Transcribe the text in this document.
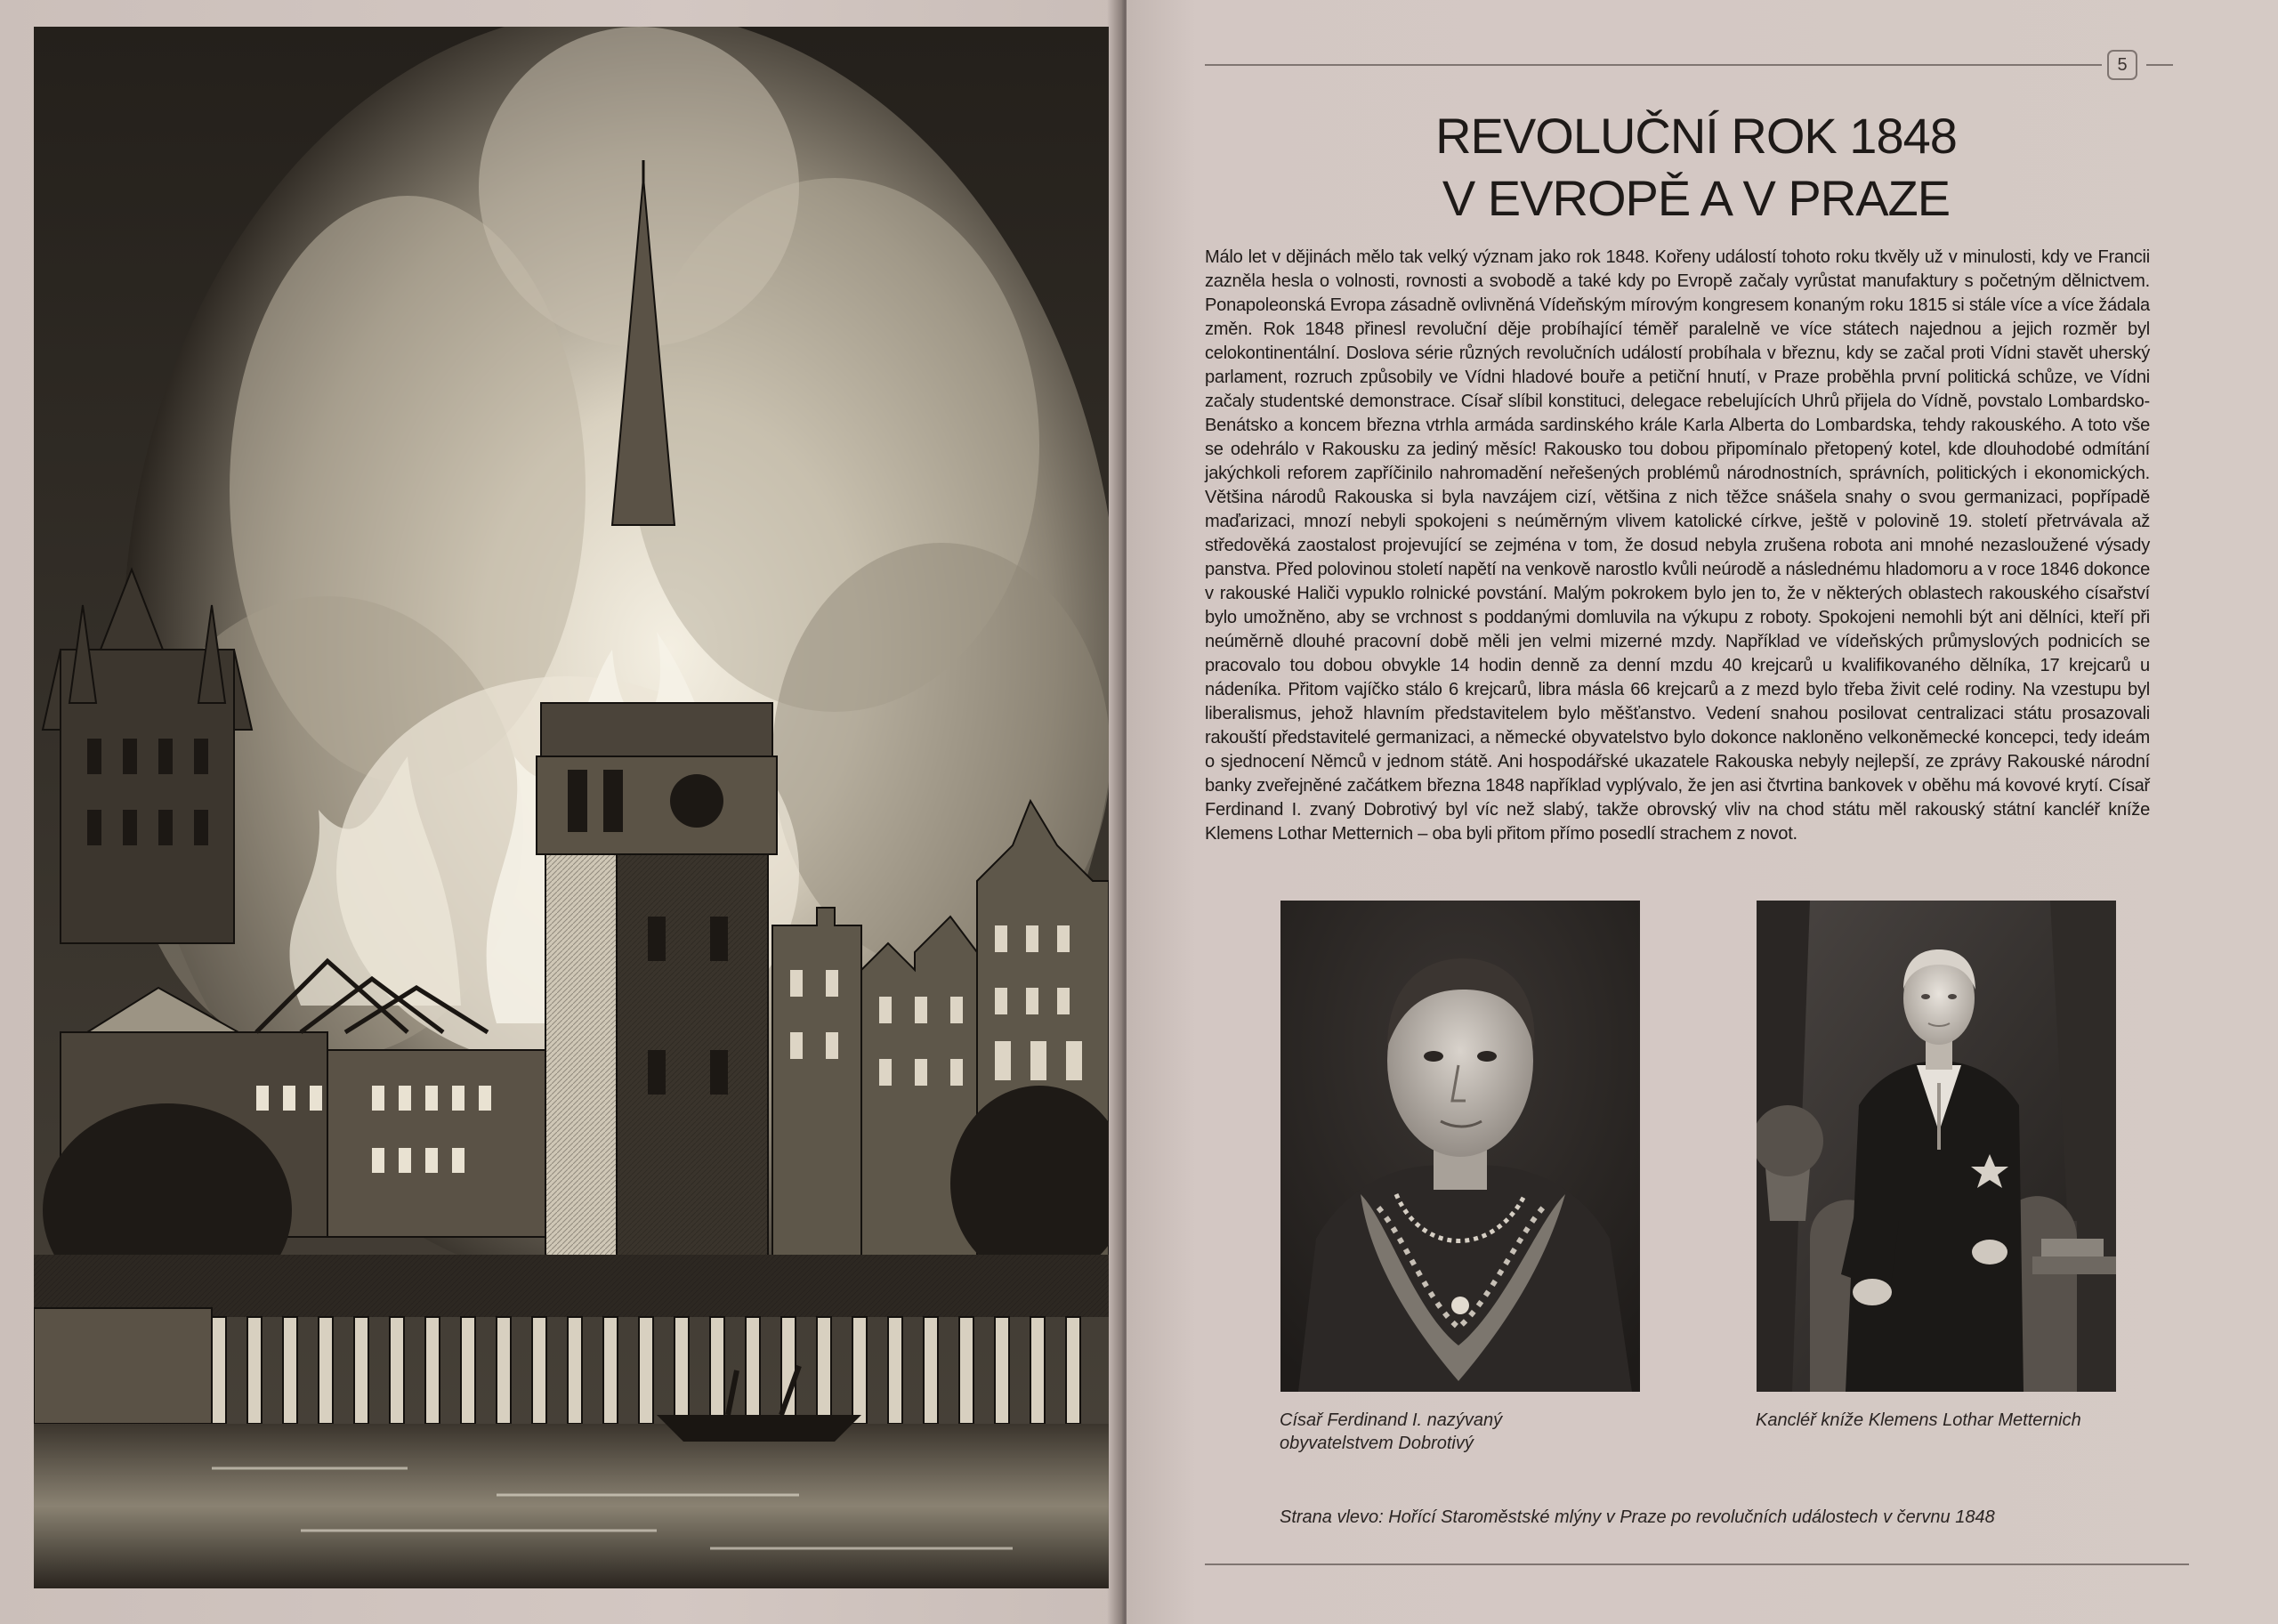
5
REVOLUČNÍ ROK 1848
V EVROPĚ A V PRAZE

Málo let v dějinách mělo tak velký význam jako rok 1848. Kořeny událostí tohoto roku tkvěly už v minulosti, kdy ve Francii zazněla hesla o volnosti, rovnosti a svobodě a také kdy po Evropě začaly vyrůstat manufaktury s početným dělnictvem. Ponapoleonská Evropa zásadně ovlivněná Vídeňským mírovým kongresem konaným roku 1815 si stále více a více žádala změn. Rok 1848 přinesl revoluční děje probíhající téměř paralelně ve více státech najednou a jejich rozměr byl celokontinentální. Doslova série různých revolučních událostí probíhala v březnu, kdy se začal proti Vídni stavět uherský parlament, rozruch způsobily ve Vídni hladové bouře a petiční hnutí, v Praze proběhla první politická schůze, ve Vídni začaly studentské demonstrace. Císař slíbil konstituci, delegace rebelujících Uhrů přijela do Vídně, povstalo Lombardsko-Benátsko a koncem března vtrhla armáda sardinského krále Karla Alberta do Lombardska, tehdy rakouského. A toto vše se odehrálo v Rakousku za jediný měsíc! Rakousko tou dobou připomínalo přetopený kotel, kde dlouhodobé odmítání jakýchkoli reforem zapříčinilo nahromadění neřešených problémů národnostních, správních, politických i ekonomických. Většina národů Rakouska si byla navzájem cizí, většina z nich těžce snášela snahy o svou germanizaci, popřípadě maďarizaci, mnozí nebyli spokojeni s neúměrným vlivem katolické církve, ještě v polovině 19. století přetrvávala až středověká zaostalost projevující se zejména v tom, že dosud nebyla zrušena robota ani mnohé nezasloužené výsady panstva. Před polovinou století napětí na venkově narostlo kvůli neúrodě a následnému hladomoru a v roce 1846 dokonce v rakouské Haliči vypuklo rolnické povstání. Malým pokrokem bylo jen to, že v některých oblastech rakouského císařství bylo umožněno, aby se vrchnost s poddanými domluvila na výkupu z roboty. Spokojeni nemohli být ani dělníci, kteří při neúměrně dlouhé pracovní době měli jen velmi mizerné mzdy. Například ve vídeňských průmyslových podnicích se pracovalo tou dobou obvykle 14 hodin denně za denní mzdu 40 krejcarů u kvalifikovaného dělníka, 17 krejcarů u nádeníka. Přitom vajíčko stálo 6 krejcarů, libra másla 66 krejcarů a z mezd bylo třeba živit celé rodiny. Na vzestupu byl liberalismus, jehož hlavním představitelem bylo měšťanstvo. Vedení snahou posilovat centralizaci státu prosazovali rakouští představitelé germanizaci, a německé obyvatelstvo bylo dokonce nakloněno velkoněmecké koncepci, tedy ideám o sjednocení Němců v jednom státě. Ani hospodářské ukazatele Rakouska nebyly nejlepší, ze zprávy Rakouské národní banky zveřejněné začátkem března 1848 například vyplývalo, že jen asi čtvrtina bankovek v oběhu má kovové krytí. Císař Ferdinand I. zvaný Dobrotivý byl víc než slabý, takže obrovský vliv na chod státu měl rakouský státní kancléř kníže Klemens Lothar Metternich – oba byli přitom přímo posedlí strachem z novot.

Císař Ferdinand I. nazývaný obyvatelstvem Dobrotivý
Kancléř kníže Klemens Lothar Metternich
Strana vlevo: Hořící Staroměstské mlýny v Praze po revolučních událostech v červnu 1848
